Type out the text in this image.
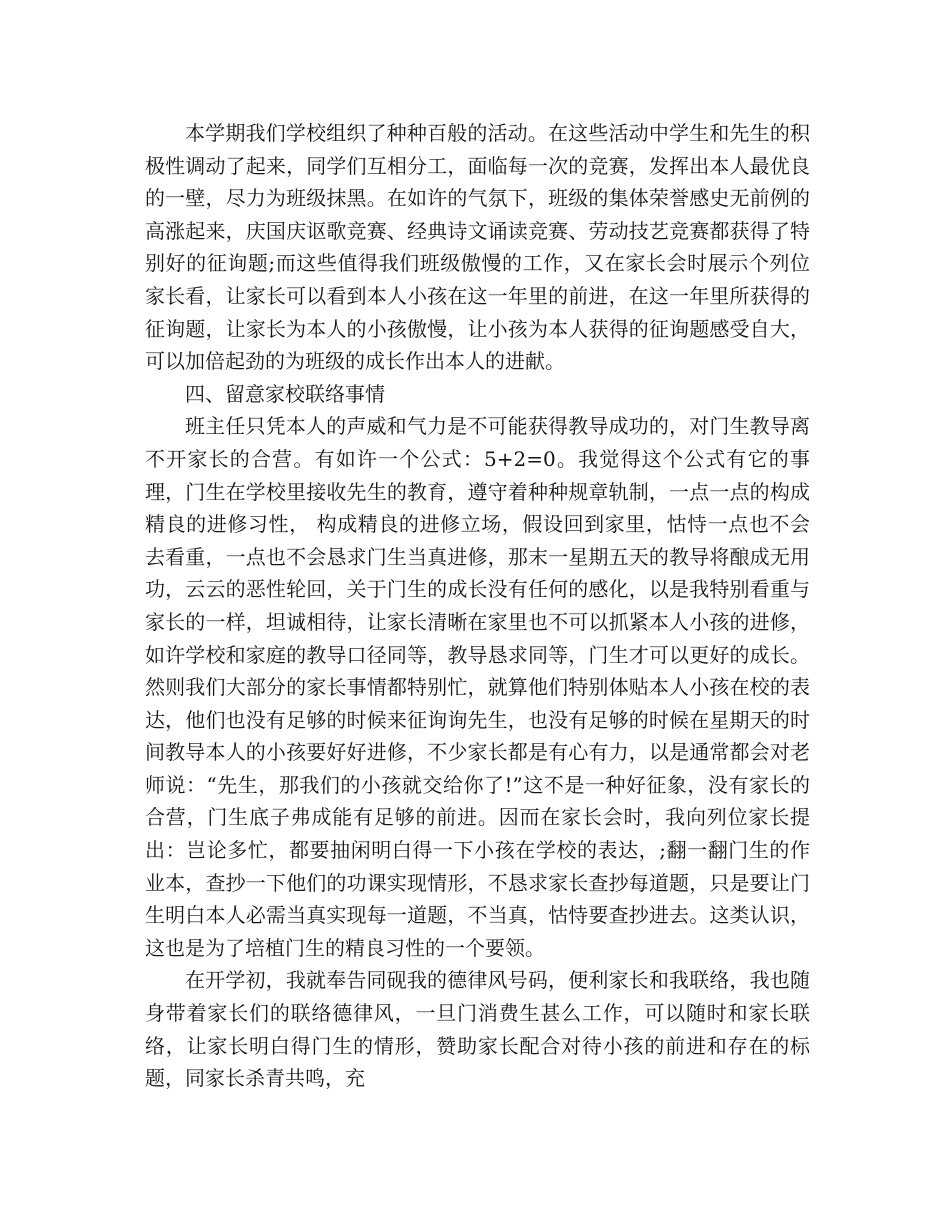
本学期我们学校组织了种种百般的活动。在这些活动中学生和先生的积极性调动了起来，同学们互相分工，面临每一次的竞赛，发挥出本人最优良的一壁，尽力为班级抹黑。在如许的气氛下，班级的集体荣誉感史无前例的高涨起来，庆国庆讴歌竞赛、经典诗文诵读竞赛、劳动技艺竞赛都获得了特别好的征询题;而这些值得我们班级傲慢的工作，又在家长会时展示个列位家长看，让家长可以看到本人小孩在这一年里的前进，在这一年里所获得的征询题，让家长为本人的小孩傲慢，让小孩为本人获得的征询题感受自大，可以加倍起劲的为班级的成长作出本人的进献。

四、留意家校联络事情

班主任只凭本人的声威和气力是不可能获得教导成功的，对门生教导离不开家长的合营。有如许一个公式：5+2=0。我觉得这个公式有它的事理，门生在学校里接收先生的教育，遵守着种种规章轨制，一点一点的构成精良的进修习性， 构成精良的进修立场，假设回到家里，怙恃一点也不会去看重，一点也不会恳求门生当真进修，那末一星期五天的教导将酿成无用功，云云的恶性轮回，关于门生的成长没有任何的感化，以是我特别看重与家长的一样，坦诚相待，让家长清晰在家里也不可以抓紧本人小孩的进修，如许学校和家庭的教导口径同等，教导恳求同等，门生才可以更好的成长。然则我们大部分的家长事情都特别忙，就算他们特别体贴本人小孩在校的表达，他们也没有足够的时候来征询询先生，也没有足够的时候在星期天的时间教导本人的小孩要好好进修，不少家长都是有心有力，以是通常都会对老师说：“先生，那我们的小孩就交给你了!”这不是一种好征象，没有家长的合营，门生底子弗成能有足够的前进。因而在家长会时，我向列位家长提出：岂论多忙，都要抽闲明白得一下小孩在学校的表达，;翻一翻门生的作业本，查抄一下他们的功课实现情形，不恳求家长查抄每道题，只是要让门生明白本人必需当真实现每一道题，不当真，怙恃要查抄进去。这类认识，这也是为了培植门生的精良习性的一个要领。

在开学初，我就奉告同砚我的德律风号码，便利家长和我联络，我也随身带着家长们的联络德律风，一旦门消费生甚么工作，可以随时和家长联络，让家长明白得门生的情形，赞助家长配合对待小孩的前进和存在的标题，同家长杀青共鸣，充
